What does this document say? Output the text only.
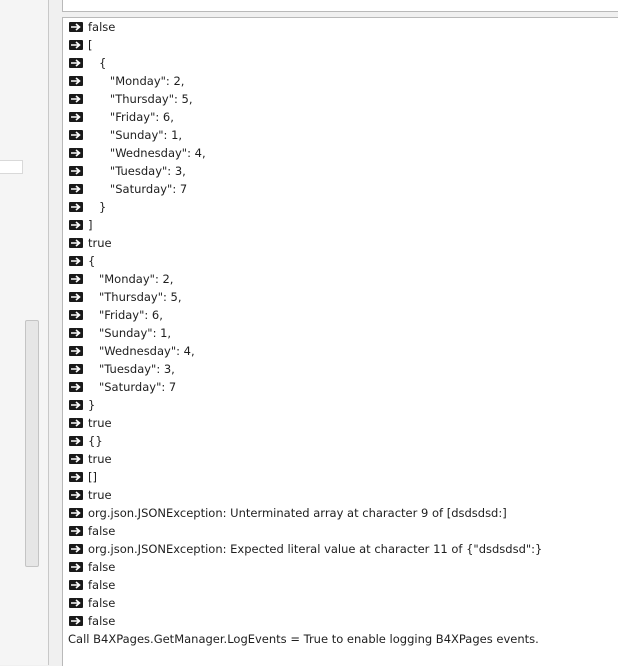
false
[
{
"Monday": 2,
"Thursday": 5,
"Friday": 6,
"Sunday": 1,
"Wednesday": 4,
"Tuesday": 3,
"Saturday": 7
}
]
true
{
"Monday": 2,
"Thursday": 5,
"Friday": 6,
"Sunday": 1,
"Wednesday": 4,
"Tuesday": 3,
"Saturday": 7
}
true
{}
true
[]
true
org.json.JSONException: Unterminated array at character 9 of [dsdsdsd:]
false
org.json.JSONException: Expected literal value at character 11 of {"dsdsdsd":}
false
false
false
false
Call B4XPages.GetManager.LogEvents = True to enable logging B4XPages events.
